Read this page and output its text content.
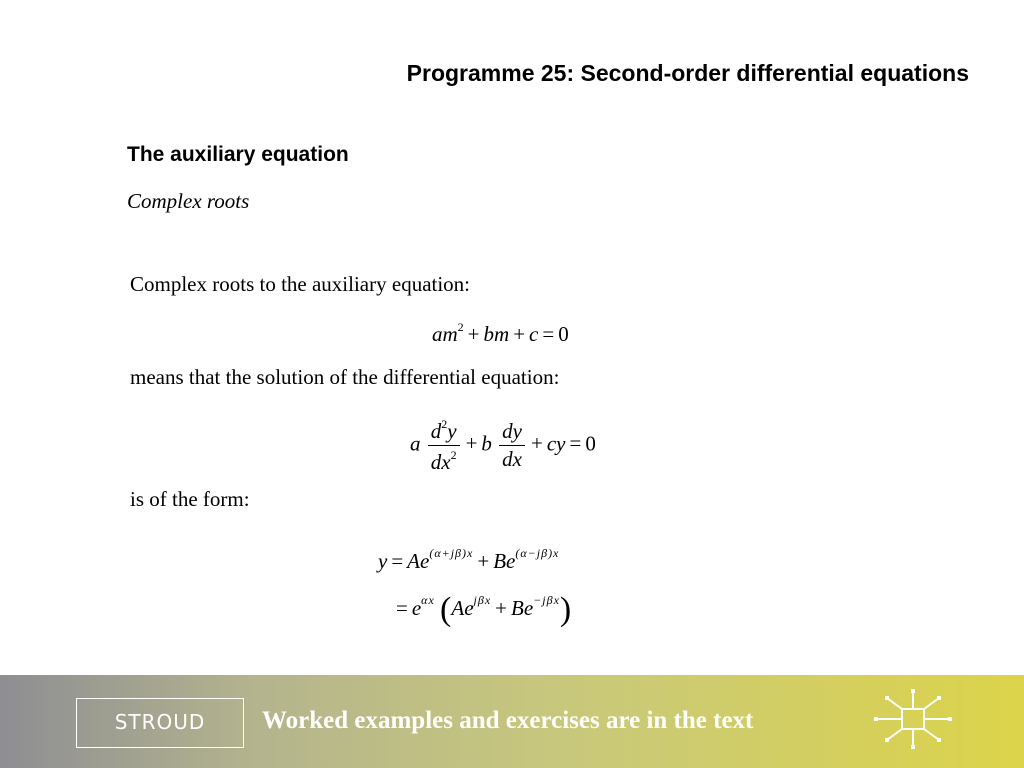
Programme 25: Second-order differential equations
The auxiliary equation
Complex roots
Complex roots to the auxiliary equation:
$am^2$ + bm + c = 0
means that the solution of the differential equation:
a $\frac{d^2y}{dx^2} + b \frac{dy}{dx}$ + cy = 0
is of the form:
$y = Ae^{(\alpha+j\beta)x} + Be^{(\alpha-j\beta)x}$
= $e^{\alpha x}$ $(Ae^{j\beta x} + Be^{-j\beta x})$
STROUD Worked examples and exercises are in the text
